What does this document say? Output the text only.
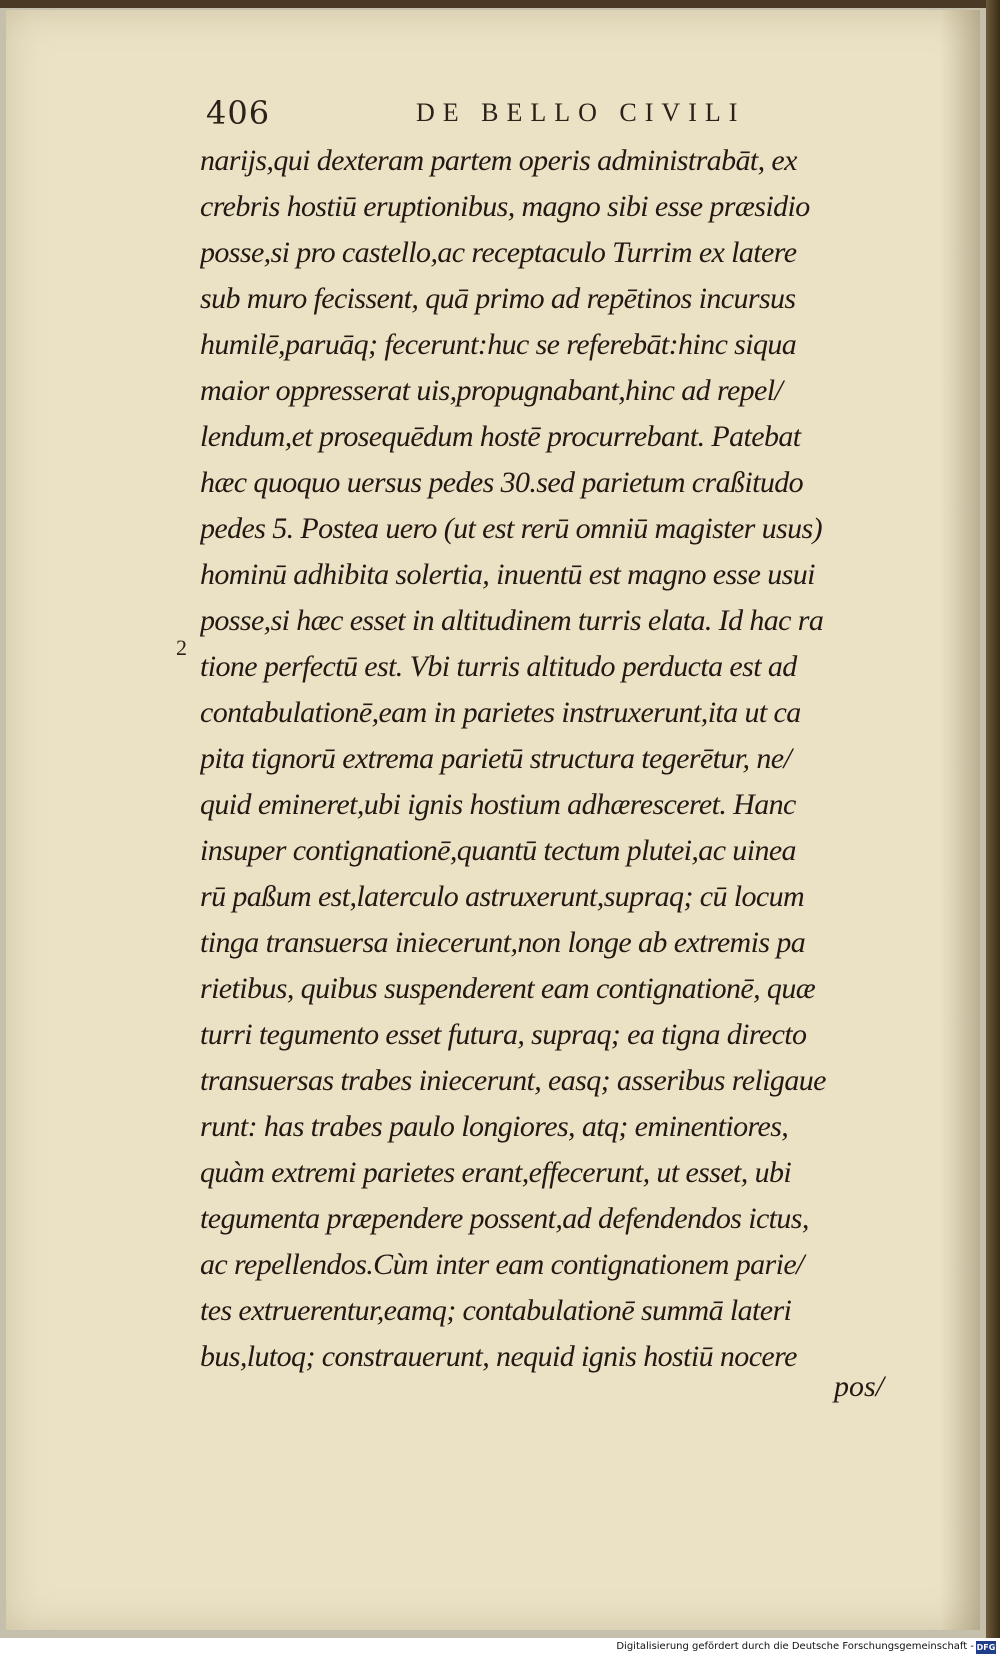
406	DE BELLO CIVILI
2
narijs,qui dexteram partem operis administrabāt, ex
crebris hostiū eruptionibus, magno sibi esse præsidio
posse,si pro castello,ac receptaculo Turrim ex latere
sub muro fecissent, quā primo ad repētinos incursus
humilē,paruāq; fecerunt:huc se referebāt:hinc siqua
maior oppresserat uis,propugnabant,hinc ad repel/
lendum,et prosequēdum hostē procurrebant. Patebat
hæc quoquo uersus pedes 30.sed parietum craßitudo
pedes 5. Postea uero (ut est rerū omniū magister usus)
hominū adhibita solertia, inuentū est magno esse usui
posse,si hæc esset in altitudinem turris elata. Id hac ra
tione perfectū est. Vbi turris altitudo perducta est ad
contabulationē,eam in parietes instruxerunt,ita ut ca
pita tignorū extrema parietū structura tegerētur, ne/
quid emineret,ubi ignis hostium adhæresceret. Hanc
insuper contignationē,quantū tectum plutei,ac uinea
rū paßum est,laterculo astruxerunt,supraq; cū locum
tinga transuersa iniecerunt,non longe ab extremis pa
rietibus, quibus suspenderent eam contignationē, quæ
turri tegumento esset futura, supraq; ea tigna directo
transuersas trabes iniecerunt, easq; asseribus religaue
runt: has trabes paulo longiores, atq; eminentiores,
quàm extremi parietes erant,effecerunt, ut esset, ubi
tegumenta præpendere possent,ad defendendos ictus,
ac repellendos.Cùm inter eam contignationem parie/
tes extruerentur,eamq; contabulationē summā lateri
bus,lutoq; constrauerunt, nequid ignis hostiū nocere
pos/
Digitalisierung gefördert durch die Deutsche Forschungsgemeinschaft - DFG
